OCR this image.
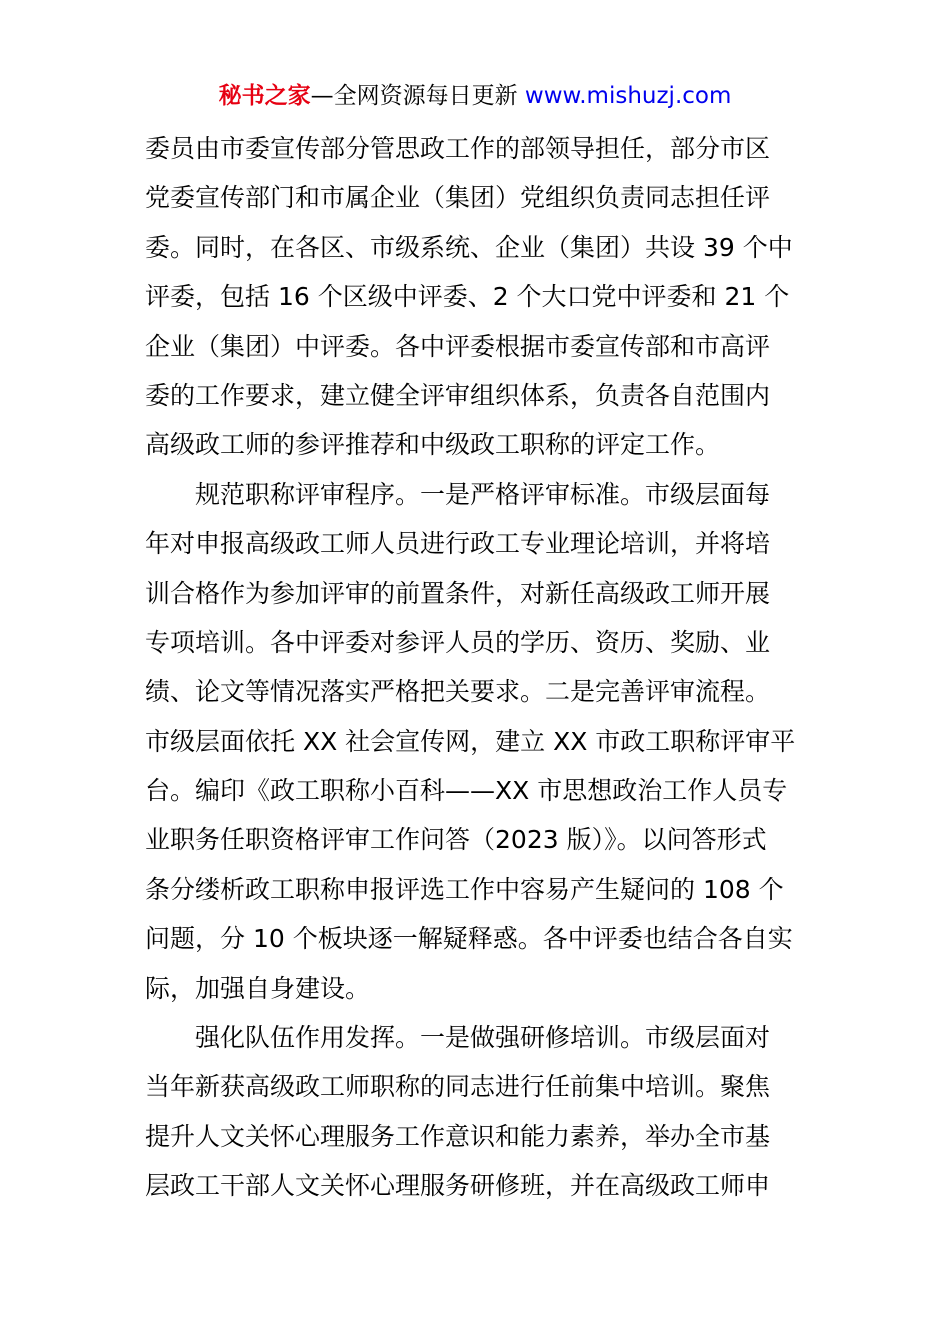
秘书之家—全网资源每日更新 www.mishuzj.com
委员由市委宣传部分管思政工作的部领导担任，部分市区
党委宣传部门和市属企业（集团）党组织负责同志担任评
委。同时，在各区、市级系统、企业（集团）共设 39 个中
评委，包括 16 个区级中评委、2 个大口党中评委和 21 个
企业（集团）中评委。各中评委根据市委宣传部和市高评
委的工作要求，建立健全评审组织体系，负责各自范围内
高级政工师的参评推荐和中级政工职称的评定工作。
规范职称评审程序。一是严格评审标准。市级层面每
年对申报高级政工师人员进行政工专业理论培训，并将培
训合格作为参加评审的前置条件，对新任高级政工师开展
专项培训。各中评委对参评人员的学历、资历、奖励、业
绩、论文等情况落实严格把关要求。二是完善评审流程。
市级层面依托 XX 社会宣传网，建立 XX 市政工职称评审平
台。编印《政工职称小百科——XX 市思想政治工作人员专
业职务任职资格评审工作问答（2023 版）》。以问答形式
条分缕析政工职称申报评选工作中容易产生疑问的 108 个
问题，分 10 个板块逐一解疑释惑。各中评委也结合各自实
际，加强自身建设。
强化队伍作用发挥。一是做强研修培训。市级层面对
当年新获高级政工师职称的同志进行任前集中培训。聚焦
提升人文关怀心理服务工作意识和能力素养，举办全市基
层政工干部人文关怀心理服务研修班，并在高级政工师申
